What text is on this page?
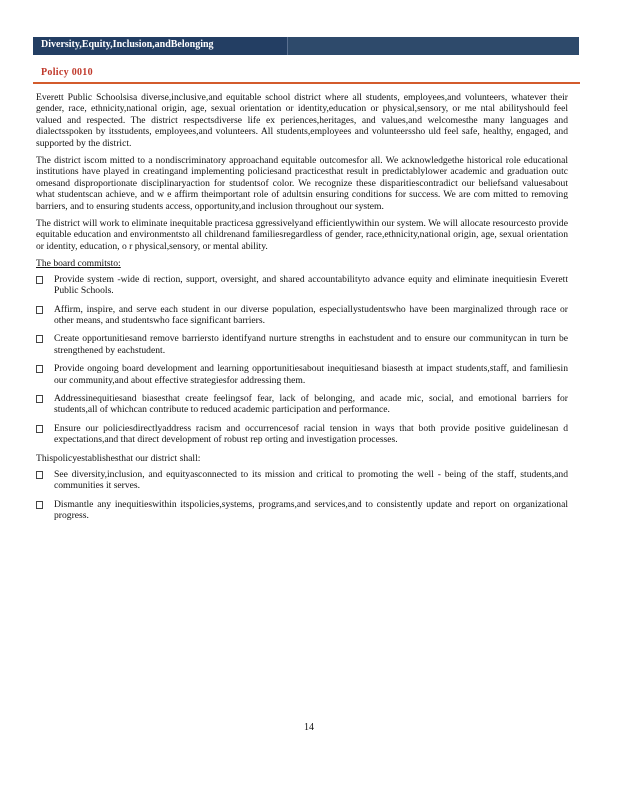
Diversity,Equity,Inclusion,andBelonging
Policy 0010

Everett Public Schoolsisa diverse,inclusive,and equitable school district where all students, employees,and volunteers, whatever their gender, race, ethnicity,national origin, age, sexual orientation or identity,education or physical,sensory, or me ntal abilityshould feel valued and respected. The district respectsdiverse life ex periences,heritages, and values,and welcomesthe many languages and dialectsspoken by itsstudents, employees,and volunteers. All students,employees and volunteerssho uld feel safe, healthy, engaged, and supported by the district.

The district iscom mitted to a nondiscriminatory approachand equitable outcomesfor all. We acknowledgethe historical role educational institutions have played in creatingand implementing policiesand practicesthat result in predictablylower academic and graduation outc omesand disproportionate disciplinaryaction for studentsof color. We recognize these disparitiescontradict our beliefsand valuesabout what studentscan achieve, and w e affirm theimportant role of adultsin ensuring conditions for success. We are com mitted to removing barriers, and to ensuring students access, opportunity,and inclusion throughout our system.

The district will work to eliminate inequitable practicesa ggressivelyand efficientlywithin our system. We will allocate resourcesto provide equitable education and environmentsto all childrenand familiesregardless of gender, race,ethnicity,national origin, age, sexual orientation or identity, education, o r physical,sensory, or mental ability.

The board commitsto:

Provide system -wide di rection, support, oversight, and shared accountabilityto advance equity and eliminate inequitiesin Everett Public Schools.
Affirm, inspire, and serve each student in our diverse population, especiallystudentswho have been marginalized through race or other means, and studentswho face significant barriers.
Create opportunitiesand remove barriersto identifyand nurture strengths in eachstudent and to ensure our communitycan in turn be strengthened by eachstudent.
Provide ongoing board development and learning opportunitiesabout inequitiesand biasesth at impact students,staff, and familiesin our community,and about effective strategiesfor addressing them.
Addressinequitiesand biasesthat create feelingsof fear, lack of belonging, and acade mic, social, and emotional barriers for students,all of whichcan contribute to reduced academic participation and performance.
Ensure our policiesdirectlyaddress racism and occurrencesof racial tension in ways that both provide positive guidelinesan d expectations,and that direct development of robust rep orting and investigation processes.

Thispolicyestablishesthat our district shall:

See diversity,inclusion, and equityasconnected to its mission and critical to promoting the well - being of the staff, students,and communities it serves.
Dismantle any inequitieswithin itspolicies,systems, programs,and services,and to consistently update and report on organizational progress.
14
